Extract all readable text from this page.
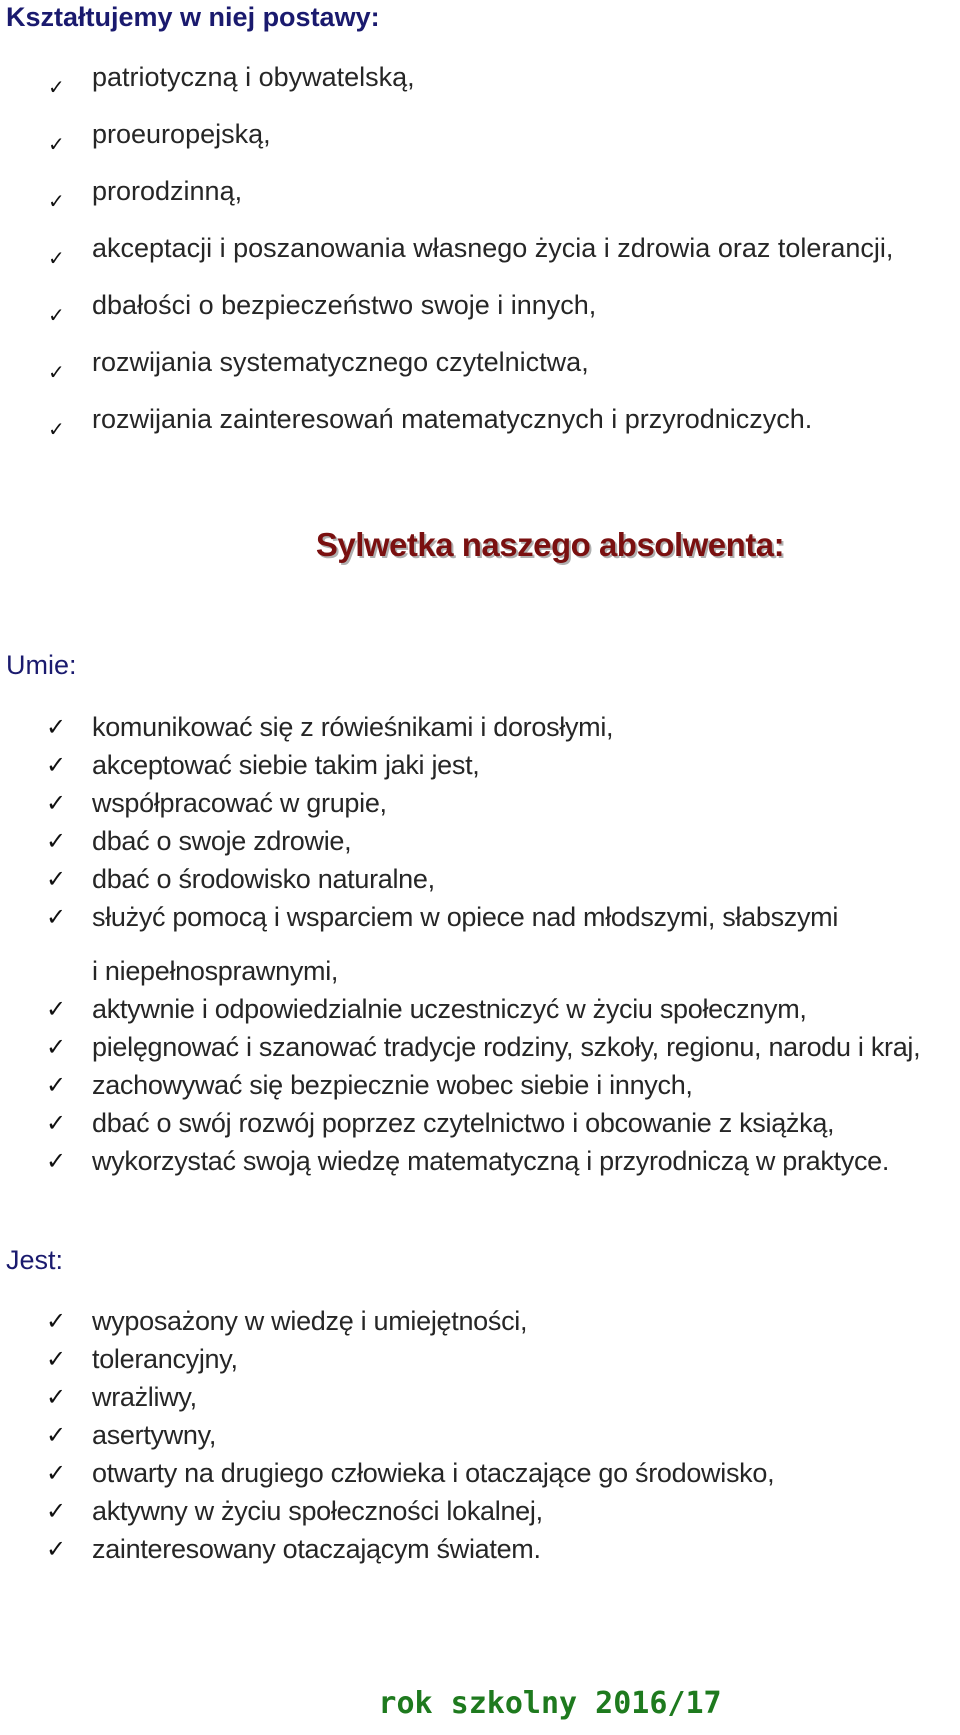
Kształtujemy w niej postawy:
✓ patriotyczną i obywatelską,
✓ proeuropejską,
✓ prorodzinną,
✓ akceptacji i poszanowania własnego życia i zdrowia oraz tolerancji,
✓ dbałości o bezpieczeństwo swoje i innych,
✓ rozwijania systematycznego czytelnictwa,
✓ rozwijania zainteresowań matematycznych i przyrodniczych.
Sylwetka naszego absolwenta:
Umie:
✓ komunikować się z rówieśnikami i dorosłymi,
✓ akceptować siebie takim jaki jest,
✓ współpracować w grupie,
✓ dbać o swoje zdrowie,
✓ dbać o środowisko naturalne,
✓ służyć pomocą i wsparciem w opiece nad młodszymi, słabszymi
i niepełnosprawnymi,
✓ aktywnie i odpowiedzialnie uczestniczyć w życiu społecznym,
✓ pielęgnować i szanować tradycje rodziny, szkoły, regionu, narodu i kraj,
✓ zachowywać się bezpiecznie wobec siebie i innych,
✓ dbać o swój rozwój poprzez czytelnictwo i obcowanie z książką,
✓ wykorzystać swoją wiedzę matematyczną i przyrodniczą w praktyce.
Jest:
✓ wyposażony w wiedzę i umiejętności,
✓ tolerancyjny,
✓ wrażliwy,
✓ asertywny,
✓ otwarty na drugiego człowieka i otaczające go środowisko,
✓ aktywny w życiu społeczności lokalnej,
✓ zainteresowany otaczającym światem.

rok szkolny 2016/17
